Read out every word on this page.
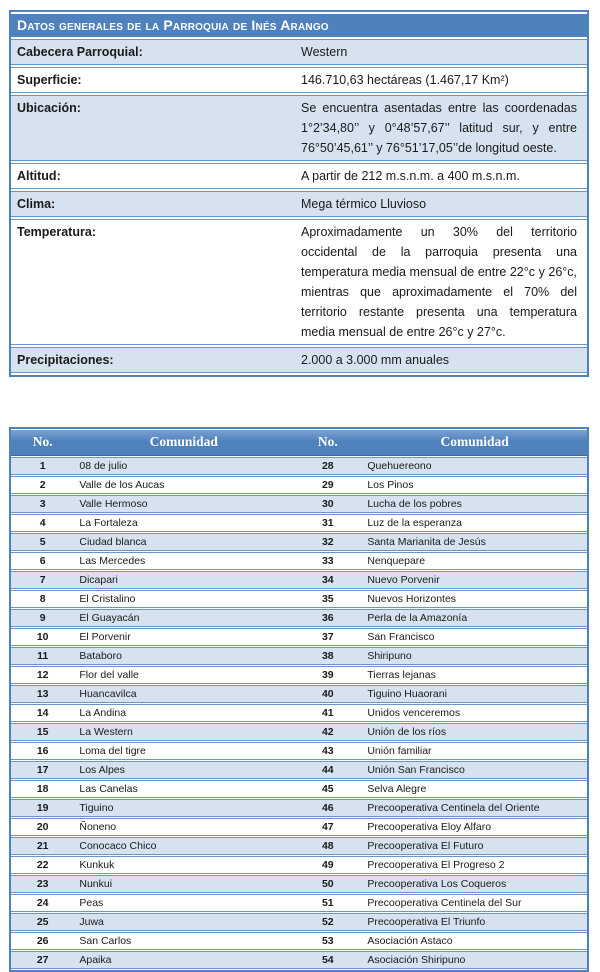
Datos generales de la Parroquia de Inés Arango	
Cabecera Parroquial:	Western
Superficie:	146.710,63 hectáreas (1.467,17 Km²)
Ubicación:	Se encuentra asentadas entre las coordenadas 1°2’34,80’’ y 0°48’57,67’’ latitud sur, y entre 76°50’45,61’’ y 76°51’17,05’’de longitud oeste.
Altitud:	A partir de 212 m.s.n.m. a 400 m.s.n.m.
Clima:	Mega térmico Lluvioso
Temperatura:	Aproximadamente un 30% del territorio occidental de la parroquia presenta una temperatura media mensual de entre 22°c y 26°c, mientras que aproximadamente el 70% del territorio restante presenta una temperatura media mensual de entre 26°c y 27°c.
Precipitaciones:	2.000 a 3.000 mm anuales
No.	Comunidad	No.	Comunidad
1	08 de julio	28	Quehuereono
2	Valle de los Aucas	29	Los Pinos
3	Valle Hermoso	30	Lucha de los pobres
4	La Fortaleza	31	Luz de la esperanza
5	Ciudad blanca	32	Santa Marianita de Jesús
6	Las Mercedes	33	Nenquepare
7	Dicapari	34	Nuevo Porvenir
8	El Cristalino	35	Nuevos Horizontes
9	El Guayacán	36	Perla de la Amazonía
10	El Porvenir	37	San Francisco
11	Bataboro	38	Shiripuno
12	Flor del valle	39	Tierras lejanas
13	Huancavilca	40	Tiguino Huaorani
14	La Andina	41	Unidos venceremos
15	La Western	42	Unión de los ríos
16	Loma del tigre	43	Unión familiar
17	Los Alpes	44	Unión San Francisco
18	Las Canelas	45	Selva Alegre
19	Tiguino	46	Precooperativa Centinela del Oriente
20	Ñoneno	47	Precooperativa Eloy Alfaro
21	Conocaco Chico	48	Precooperativa El Futuro
22	Kunkuk	49	Precooperativa El Progreso 2
23	Nunkui	50	Precooperativa Los Coqueros
24	Peas	51	Precooperativa Centinela del Sur
25	Juwa	52	Precooperativa El Triunfo
26	San Carlos	53	Asociación Astaco
27	Apaika	54	Asociación Shiripuno
